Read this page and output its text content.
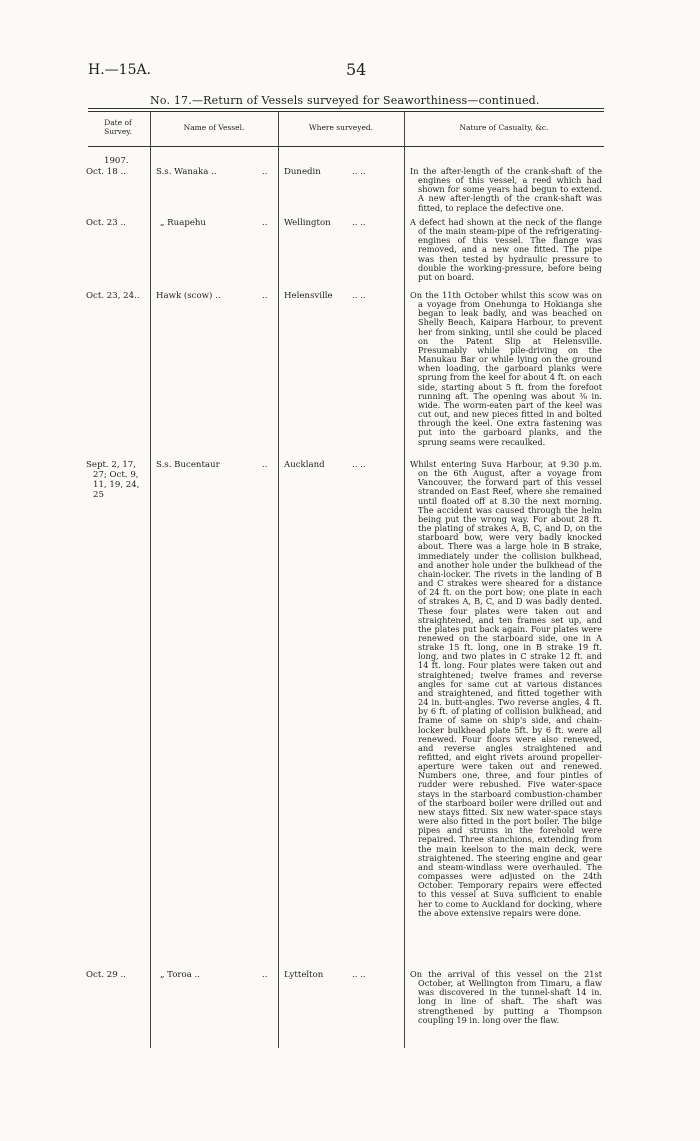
H.—15A.	54
No. 17.—Return of Vessels surveyed for Seaworthiness—continued.
Date of Survey.	Name of Vessel.	Where surveyed.	Nature of Casualty, &c.
1907.
Oct. 18 ..	S.s. Wanaka ..	.. Dunedin	.. ..	In the after-length of the crank-shaft of the engines of this vessel, a reed which had shown for some years had begun to extend. A new after-length of the crank-shaft was fitted, to replace the defective one.

Oct. 23 ..	„ Ruapehu	.. Wellington .. ..	A defect had shown at the neck of the flange of the main steam-pipe of the refrigerating-engines of this vessel. The flange was removed, and a new one fitted. The pipe was then tested by hydraulic pressure to double the working-pressure, before being put on board.

Oct. 23, 24.. Hawk (scow) ..	.. Helensville .. ..	On the 11th October whilst this scow was on a voyage from Onehunga to Hokianga she began to leak badly, and was beached on Shelly Beach, Kaipara Harbour, to prevent her from sinking, until she could be placed on the Patent Slip at Helensville. Presumably while pile-driving on the Manukau Bar or while lying on the ground when loading, the garboard planks were sprung from the keel for about 4 ft. on each side, starting about 5 ft. from the forefoot running aft. The opening was about ⅜ in. wide. The worm-eaten part of the keel was cut out, and new pieces fitted in and bolted through the keel. One extra fastening was put into the garboard planks, and the sprung seams were recaulked.

Sept. 2, 17,
27; Oct. 9,
11, 19, 24,
25
S.s. Bucentaur	.. Auckland	.. ..	Whilst entering Suva Harbour, at 9.30 p.m. on the 6th August, after a voyage from Vancouver, the forward part of this vessel stranded on East Reef, where she remained until floated off at 8.30 the next morning. The accident was caused through the helm being put the wrong way. For about 28 ft. the plating of strakes A, B, C, and D, on the starboard bow, were very badly knocked about. There was a large hole in B strake, immediately under the collision bulkhead, and another hole under the bulkhead of the chain-locker. The rivets in the landing of B and C strakes were sheared for a distance of 24 ft. on the port bow; one plate in each of strakes A, B, C, and D was badly dented. These four plates were taken out and straightened, and ten frames set up, and the plates put back again. Four plates were renewed on the starboard side, one in A strake 15 ft. long, one in B strake 19 ft. long, and two plates in C strake 12 ft. and 14 ft. long. Four plates were taken out and straightened; twelve frames and reverse angles for same cut at various distances and straightened, and fitted together with 24 in. butt-angles. Two reverse angles, 4 ft. by 6 ft. of plating of collision bulkhead, and frame of same on ship's side, and chain-locker bulkhead plate 5ft. by 6 ft. were all renewed. Four floors were also renewed, and reverse angles straightened and refitted, and eight rivets around propeller-aperture were taken out and renewed. Numbers one, three, and four pintles of rudder were rebushed. Five water-space stays in the starboard combustion-chamber of the starboard boiler were drilled out and new stays fitted. Six new water-space stays were also fitted in the port boiler. The bilge pipes and strums in the forehold were repaired. Three stanchions, extending from the main keelson to the main deck, were straightened. The steering engine and gear and steam-windlass were overhauled. The compasses were adjusted on the 24th October. Temporary repairs were effected to this vessel at Suva sufficient to enable her to come to Auckland for docking, where the above extensive repairs were done.

Oct. 29 ..	„ Toroa ..	.. Lyttelton	.. ..	On the arrival of this vessel on the 21st October, at Wellington from Timaru, a flaw was discovered in the tunnel-shaft 14 in. long in line of shaft. The shaft was strengthened by putting a Thompson coupling 19 in. long over the flaw.
